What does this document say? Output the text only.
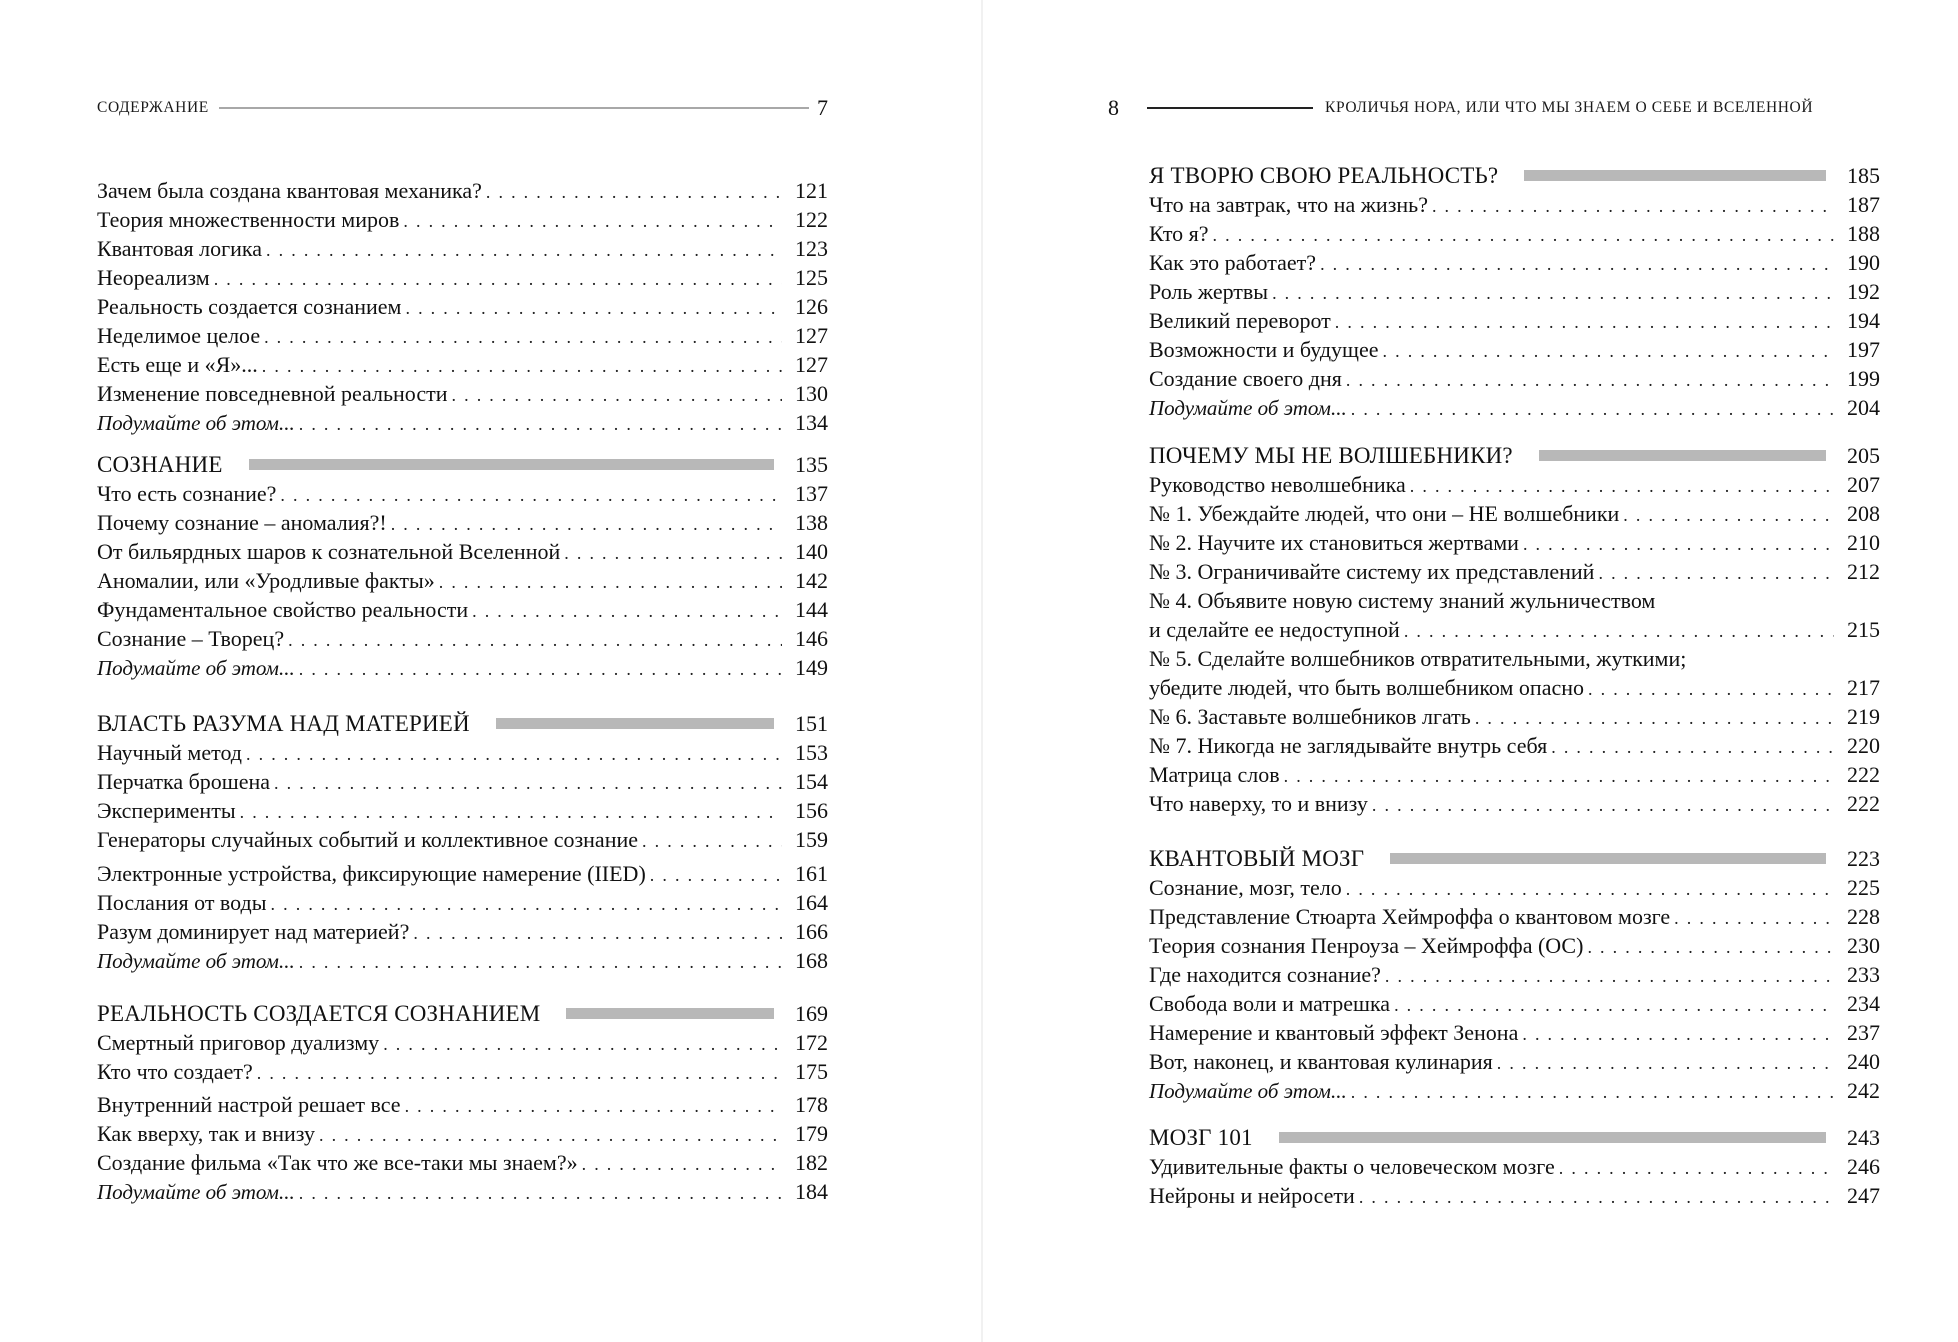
СОДЕРЖАНИЕ	7
Зачем была создана квантовая механика? . . .	121
Теория множественности миров . . .	122
Квантовая логика . . .	123
Неореализм . . .	125
Реальность создается сознанием . . .	126
Неделимое целое . . .	127
Есть еще и «Я»... . . .	127
Изменение повседневной реальности . . .	130
Подумайте об этом... . . .	134
СОЗНАНИЕ	135
Что есть сознание? . . .	137
Почему сознание – аномалия?! . . .	138
От бильярдных шаров к сознательной Вселенной . . .	140
Аномалии, или «Уродливые факты» . . .	142
Фундаментальное свойство реальности . . .	144
Сознание – Творец? . . .	146
Подумайте об этом... . . .	149
ВЛАСТЬ РАЗУМА НАД МАТЕРИЕЙ	151
Научный метод . . .	153
Перчатка брошена . . .	154
Эксперименты . . .	156
Генераторы случайных событий и коллективное сознание . . .	159
Электронные устройства, фиксирующие намерение (IIED) . . .	161
Послания от воды . . .	164
Разум доминирует над материей? . . .	166
Подумайте об этом... . . .	168
РЕАЛЬНОСТЬ СОЗДАЕТСЯ СОЗНАНИЕМ	169
Смертный приговор дуализму . . .	172
Кто что создает? . . .	175
Внутренний настрой решает все . . .	178
Как вверху, так и внизу . . .	179
Создание фильма «Так что же все-таки мы знаем?» . . .	182
Подумайте об этом... . . .	184
8	КРОЛИЧЬЯ НОРА, ИЛИ ЧТО МЫ ЗНАЕМ О СЕБЕ И ВСЕЛЕННОЙ
Я ТВОРЮ СВОЮ РЕАЛЬНОСТЬ?	185
Что на завтрак, что на жизнь? . . .	187
Кто я? . . .	188
Как это работает? . . .	190
Роль жертвы . . .	192
Великий переворот . . .	194
Возможности и будущее . . .	197
Создание своего дня . . .	199
Подумайте об этом... . . .	204
ПОЧЕМУ МЫ НЕ ВОЛШЕБНИКИ?	205
Руководство неволшебника . . .	207
№ 1. Убеждайте людей, что они – НЕ волшебники . . .	208
№ 2. Научите их становиться жертвами . . .	210
№ 3. Ограничивайте систему их представлений . . .	212
№ 4. Объявите новую систему знаний жульничеством
и сделайте ее недоступной . . .	215
№ 5. Сделайте волшебников отвратительными, жуткими;
убедите людей, что быть волшебником опасно . . .	217
№ 6. Заставьте волшебников лгать . . .	219
№ 7. Никогда не заглядывайте внутрь себя . . .	220
Матрица слов . . .	222
Что наверху, то и внизу . . .	222
КВАНТОВЫЙ МОЗГ	223
Сознание, мозг, тело . . .	225
Представление Стюарта Хеймроффа о квантовом мозге . . .	228
Теория сознания Пенроуза – Хеймроффа (ОС) . . .	230
Где находится сознание? . . .	233
Свобода воли и матрешка . . .	234
Намерение и квантовый эффект Зенона . . .	237
Вот, наконец, и квантовая кулинария . . .	240
Подумайте об этом... . . .	242
МОЗГ 101	243
Удивительные факты о человеческом мозге . . .	246
Нейроны и нейросети . . .	247
